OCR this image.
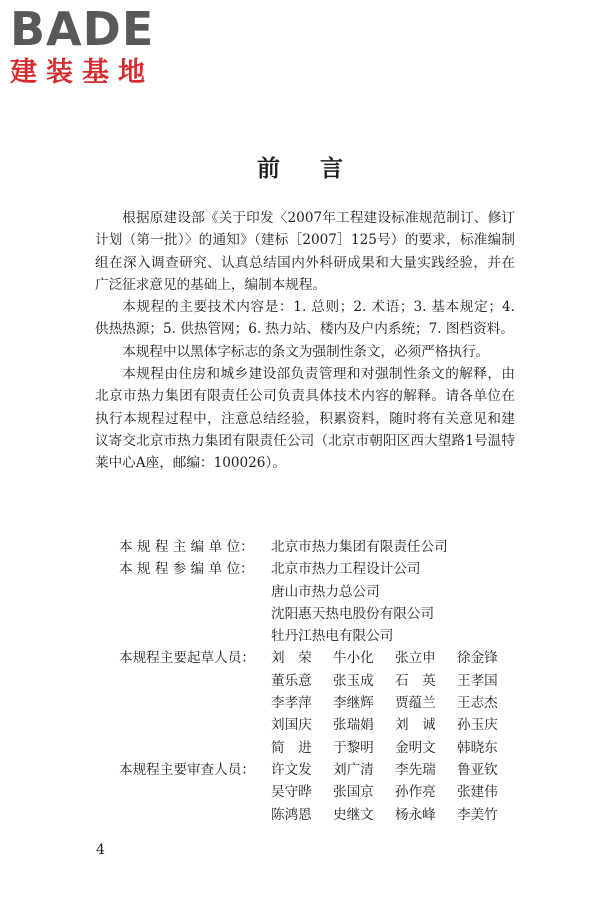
BADE
建装基地
前言

根据原建设部《关于印发〈2007年工程建设标准规范制订、修订计划（第一批）〉的通知》（建标［2007］125号）的要求，标准编制组在深入调查研究、认真总结国内外科研成果和大量实践经验，并在广泛征求意见的基础上，编制本规程。

本规程的主要技术内容是：1. 总则；2. 术语；3. 基本规定；4. 供热热源；5. 供热管网；6. 热力站、楼内及户内系统；7. 图档资料。

本规程中以黑体字标志的条文为强制性条文，必须严格执行。

本规程由住房和城乡建设部负责管理和对强制性条文的解释，由北京市热力集团有限责任公司负责具体技术内容的解释。请各单位在执行本规程过程中，注意总结经验，积累资料，随时将有关意见和建议寄交北京市热力集团有限责任公司（北京市朝阳区西大望路1号温特莱中心A座，邮编：100026）。

本 规 程 主 编 单 位：	北京市热力集团有限责任公司
本 规 程 参 编 单 位：	北京市热力工程设计公司
唐山市热力总公司
沈阳惠天热电股份有限公司
牡丹江热电有限公司
本规程主要起草人员：	刘　荣	牛小化	张立申	徐金锋
董乐意	张玉成	石　英	王孝国
李孝萍	李继辉	贾蕴兰	王志杰
刘国庆	张瑞娟	刘　诚	孙玉庆
简　进	于黎明	金明文	韩晓东
本规程主要审查人员：	许文发	刘广清	李先瑞	鲁亚钦
吴守晔	张国京	孙作亮	张建伟
陈鸿恩	史继文	杨永峰	李美竹
4
